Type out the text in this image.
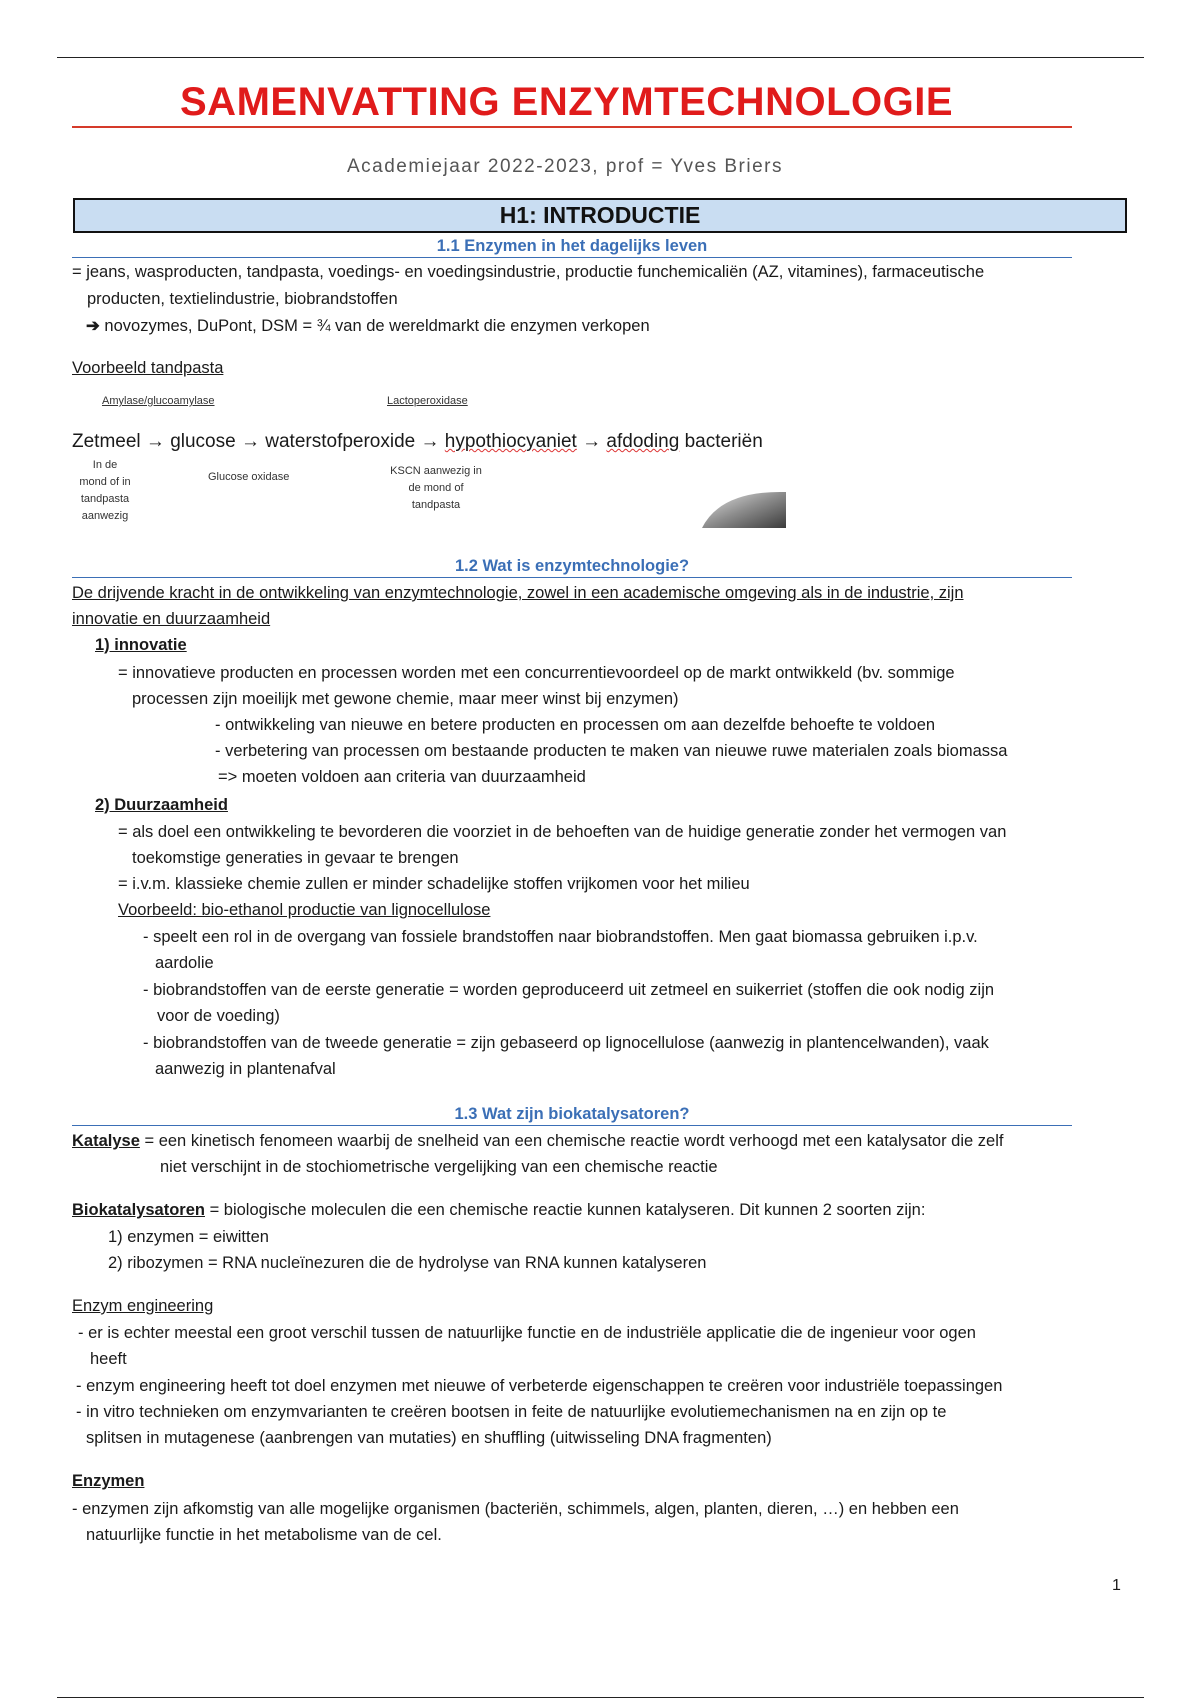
SAMENVATTING ENZYMTECHNOLOGIE
Academiejaar 2022-2023, prof = Yves Briers
H1: INTRODUCTIE
1.1 Enzymen in het dagelijks leven
= jeans, wasproducten, tandpasta, voedings- en voedingsindustrie, productie funchemicaliën (AZ, vitamines), farmaceutische
producten, textielindustrie, biobrandstoffen
➔ novozymes, DuPont, DSM = ¾ van de wereldmarkt die enzymen verkopen
Voorbeeld tandpasta
Amylase/glucoamylase	Lactoperoxidase
Zetmeel → glucose → waterstofperoxide → hypothiocyaniet → afdoding bacteriën
In de
mond of in
tandpasta
aanwezig
Glucose oxidase	KSCN aanwezig in
de mond of
tandpasta
1.2 Wat is enzymtechnologie?
De drijvende kracht in de ontwikkeling van enzymtechnologie, zowel in een academische omgeving als in de industrie, zijn
innovatie en duurzaamheid
1) innovatie
= innovatieve producten en processen worden met een concurrentievoordeel op de markt ontwikkeld (bv. sommige
processen zijn moeilijk met gewone chemie, maar meer winst bij enzymen)
- ontwikkeling van nieuwe en betere producten en processen om aan dezelfde behoefte te voldoen
- verbetering van processen om bestaande producten te maken van nieuwe ruwe materialen zoals biomassa
=> moeten voldoen aan criteria van duurzaamheid
2) Duurzaamheid
= als doel een ontwikkeling te bevorderen die voorziet in de behoeften van de huidige generatie zonder het vermogen van
toekomstige generaties in gevaar te brengen
= i.v.m. klassieke chemie zullen er minder schadelijke stoffen vrijkomen voor het milieu
Voorbeeld: bio-ethanol productie van lignocellulose
- speelt een rol in de overgang van fossiele brandstoffen naar biobrandstoffen. Men gaat biomassa gebruiken i.p.v.
aardolie
- biobrandstoffen van de eerste generatie = worden geproduceerd uit zetmeel en suikerriet (stoffen die ook nodig zijn
voor de voeding)
- biobrandstoffen van de tweede generatie = zijn gebaseerd op lignocellulose (aanwezig in plantencelwanden), vaak
aanwezig in plantenafval
1.3 Wat zijn biokatalysatoren?
Katalyse = een kinetisch fenomeen waarbij de snelheid van een chemische reactie wordt verhoogd met een katalysator die zelf
niet verschijnt in de stochiometrische vergelijking van een chemische reactie
Biokatalysatoren = biologische moleculen die een chemische reactie kunnen katalyseren. Dit kunnen 2 soorten zijn:
1) enzymen = eiwitten
2) ribozymen = RNA nucleïnezuren die de hydrolyse van RNA kunnen katalyseren
Enzym engineering
- er is echter meestal een groot verschil tussen de natuurlijke functie en de industriële applicatie die de ingenieur voor ogen
heeft
- enzym engineering heeft tot doel enzymen met nieuwe of verbeterde eigenschappen te creëren voor industriële toepassingen
- in vitro technieken om enzymvarianten te creëren bootsen in feite de natuurlijke evolutiemechanismen na en zijn op te
splitsen in mutagenese (aanbrengen van mutaties) en shuffling (uitwisseling DNA fragmenten)
Enzymen
- enzymen zijn afkomstig van alle mogelijke organismen (bacteriën, schimmels, algen, planten, dieren, …) en hebben een
natuurlijke functie in het metabolisme van de cel.
1
